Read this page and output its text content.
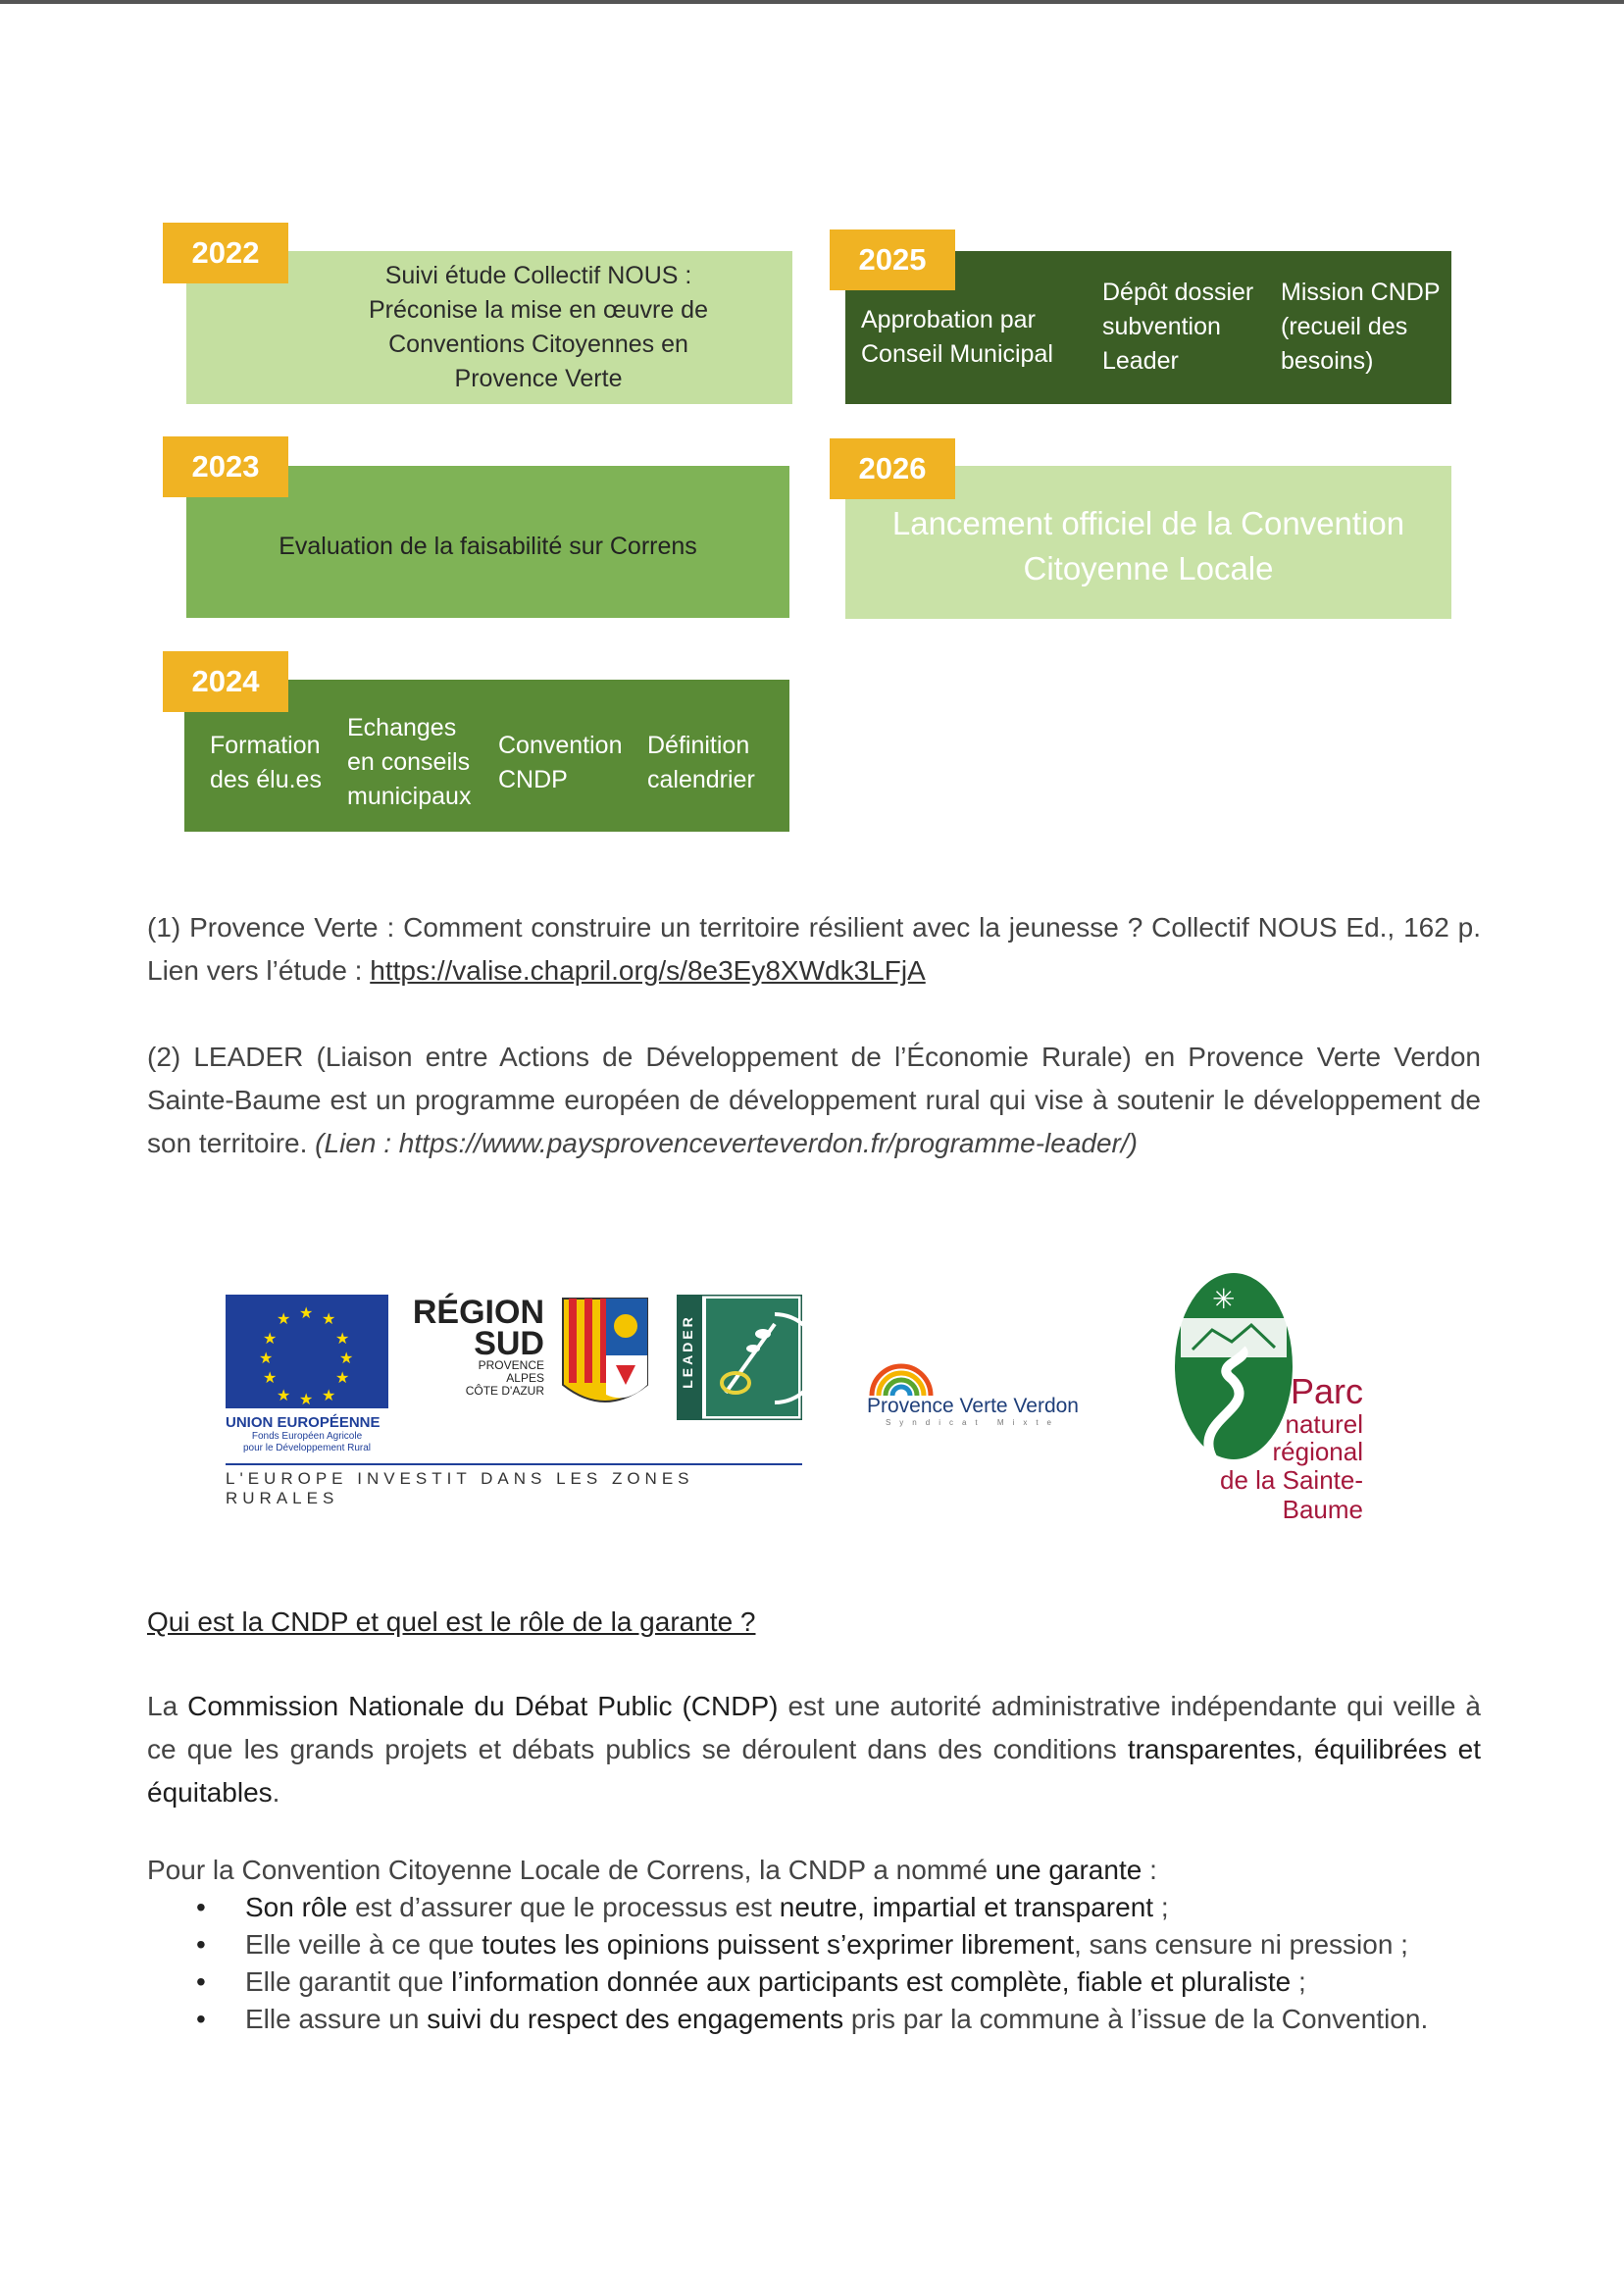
Suivi étude Collectif NOUS : Préconise la mise en œuvre de Conventions Citoyennes en Provence Verte
2022
Evaluation de la faisabilité sur Correns
2023
Formation des élu.es
Echanges en conseils municipaux
Convention CNDP
Définition calendrier
2024
Approbation par Conseil Municipal
Dépôt dossier subvention Leader
Mission CNDP (recueil des besoins)
2025
Lancement officiel de la Convention Citoyenne Locale
2026

(1) Provence Verte : Comment construire un territoire résilient avec la jeunesse ? Collectif NOUS Ed., 162 p. Lien vers l’étude : https://valise.chapril.org/s/8e3Ey8XWdk3LFjA

(2) LEADER (Liaison entre Actions de Développement de l’Économie Rurale) en Provence Verte Verdon Sainte-Baume est un programme européen de développement rural qui vise à soutenir le développement de son territoire. (Lien : https://www.paysprovenceverteverdon.fr/programme-leader/)

★ ★
★
★
★
★
★
★
★
★
★
★
UNION EUROPÉENNE
Fonds Européen Agricole
pour le Développement Rural
RÉGION
SUD
PROVENCE
ALPES
CÔTE D'AZUR
LEADER
L'EUROPE INVESTIT DANS LES ZONES RURALES
Provence Verte Verdon
Syndicat Mixte
✳
Parc
naturel
régional
de la Sainte-Baume

Qui est la CNDP et quel est le rôle de la garante ?

La Commission Nationale du Débat Public (CNDP) est une autorité administrative indépendante qui veille à ce que les grands projets et débats publics se déroulent dans des conditions transparentes, équilibrées et équitables.

Pour la Convention Citoyenne Locale de Correns, la CNDP a nommé une garante :

• Son rôle est d’assurer que le processus est neutre, impartial et transparent ;
• Elle veille à ce que toutes les opinions puissent s’exprimer librement, sans censure ni pression ;
• Elle garantit que l’information donnée aux participants est complète, fiable et pluraliste ;
• Elle assure un suivi du respect des engagements pris par la commune à l’issue de la Convention.
